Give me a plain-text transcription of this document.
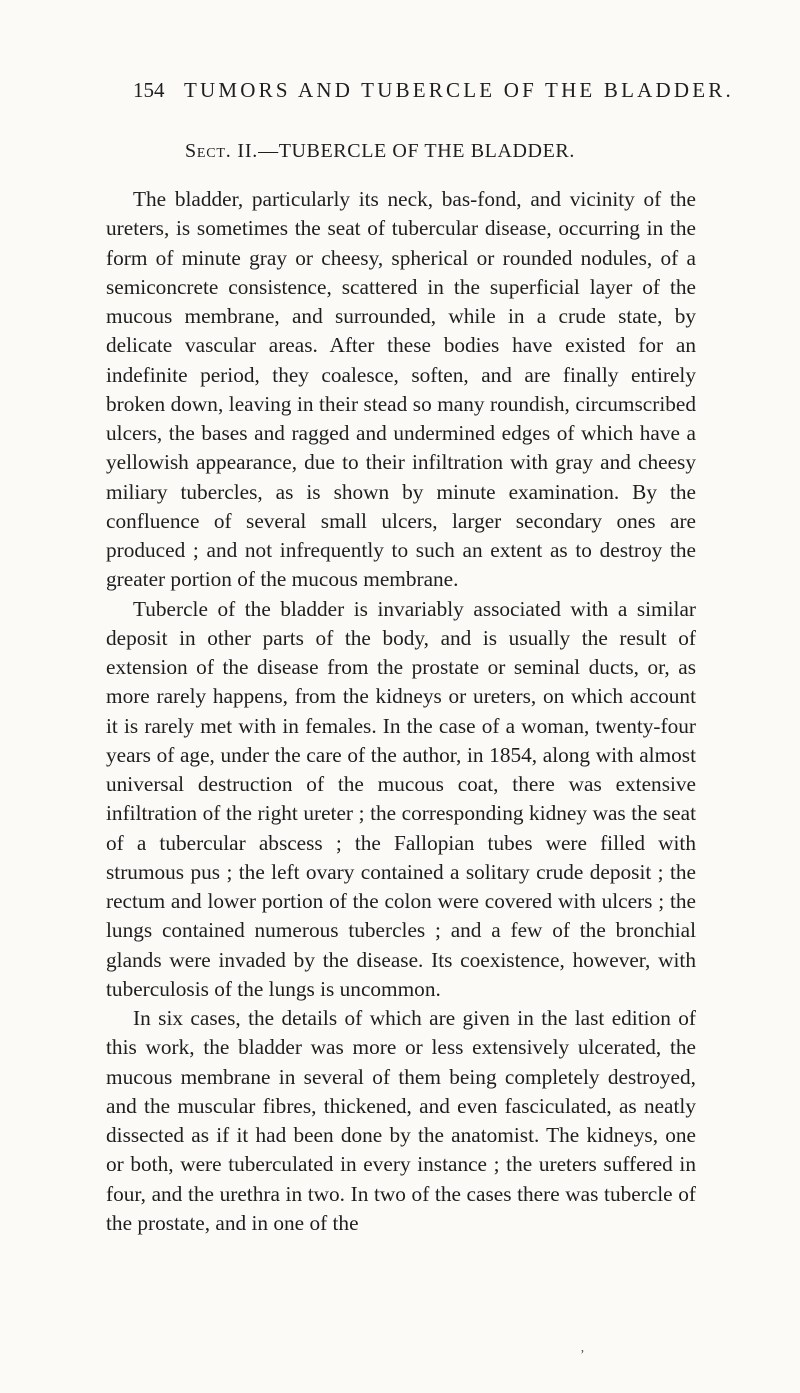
154 TUMORS AND TUBERCLE OF THE BLADDER.
Sect. II.—TUBERCLE OF THE BLADDER.

The bladder, particularly its neck, bas-fond, and vicinity of the ureters, is sometimes the seat of tubercular disease, occurring in the form of minute gray or cheesy, spherical or rounded nodules, of a semiconcrete consistence, scattered in the superficial layer of the mucous membrane, and surrounded, while in a crude state, by delicate vascular areas. After these bodies have existed for an indefinite period, they coalesce, soften, and are finally entirely broken down, leaving in their stead so many roundish, circumscribed ulcers, the bases and ragged and undermined edges of which have a yellowish appearance, due to their infiltration with gray and cheesy miliary tubercles, as is shown by minute examination. By the confluence of several small ulcers, larger secondary ones are produced ; and not infrequently to such an extent as to destroy the greater portion of the mucous membrane.

Tubercle of the bladder is invariably associated with a similar deposit in other parts of the body, and is usually the result of extension of the disease from the prostate or seminal ducts, or, as more rarely happens, from the kidneys or ureters, on which account it is rarely met with in females. In the case of a woman, twenty-four years of age, under the care of the author, in 1854, along with almost universal destruction of the mucous coat, there was extensive infiltration of the right ureter ; the corresponding kidney was the seat of a tubercular abscess ; the Fallopian tubes were filled with strumous pus ; the left ovary contained a solitary crude deposit ; the rectum and lower portion of the colon were covered with ulcers ; the lungs contained numerous tubercles ; and a few of the bronchial glands were invaded by the disease. Its coexistence, however, with tuberculosis of the lungs is uncommon.

In six cases, the details of which are given in the last edition of this work, the bladder was more or less extensively ulcerated, the mucous membrane in several of them being completely destroyed, and the muscular fibres, thickened, and even fasciculated, as neatly dissected as if it had been done by the anatomist. The kidneys, one or both, were tuberculated in every instance ; the ureters suffered in four, and the urethra in two. In two of the cases there was tubercle of the prostate, and in one of the

’
